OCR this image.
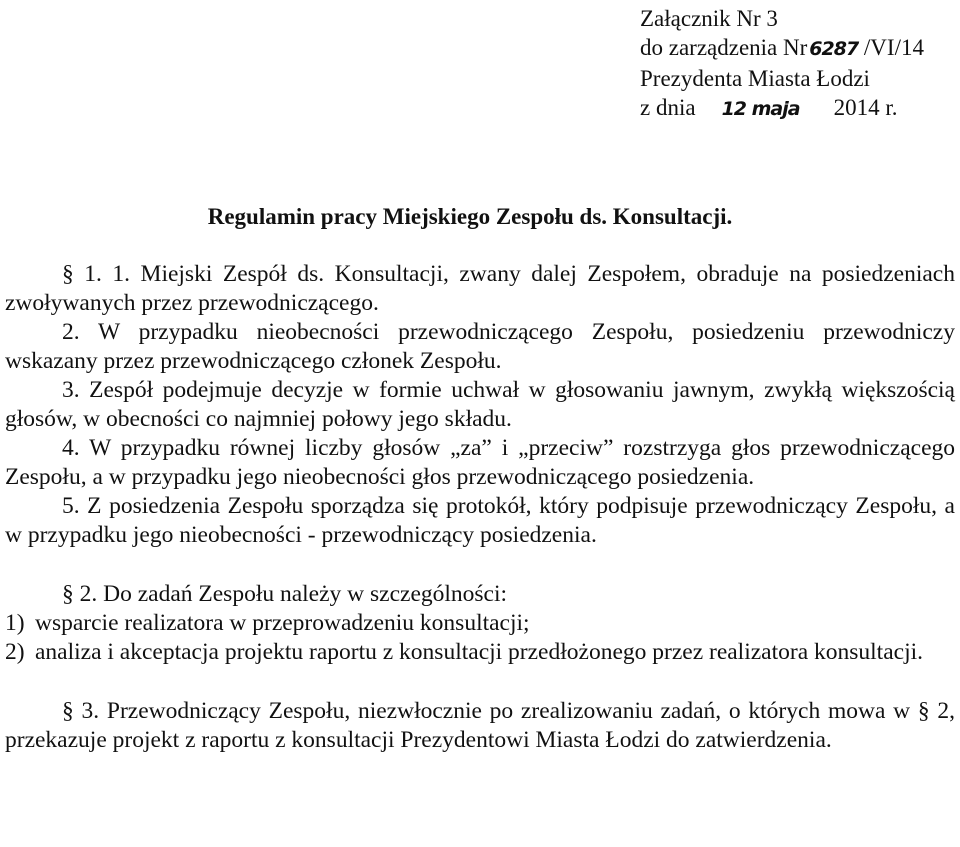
Załącznik Nr 3
do zarządzenia Nr 6287 /VI/14
Prezydenta Miasta Łodzi
z dnia 12 maja 2014 r.
Regulamin pracy Miejskiego Zespołu ds. Konsultacji.
§ 1. 1. Miejski Zespół ds. Konsultacji, zwany dalej Zespołem, obraduje na posiedzeniach zwoływanych przez przewodniczącego.
2. W przypadku nieobecności przewodniczącego Zespołu, posiedzeniu przewodniczy wskazany przez przewodniczącego członek Zespołu.
3. Zespół podejmuje decyzje w formie uchwał w głosowaniu jawnym, zwykłą większością głosów, w obecności co najmniej połowy jego składu.
4. W przypadku równej liczby głosów „za” i „przeciw” rozstrzyga głos przewodniczącego Zespołu, a w przypadku jego nieobecności głos przewodniczącego posiedzenia.
5. Z posiedzenia Zespołu sporządza się protokół, który podpisuje przewodniczący Zespołu, a w przypadku jego nieobecności - przewodniczący posiedzenia.
§ 2. Do zadań Zespołu należy w szczególności:
1) wsparcie realizatora w przeprowadzeniu konsultacji;
2) analiza i akceptacja projektu raportu z konsultacji przedłożonego przez realizatora konsultacji.
§ 3. Przewodniczący Zespołu, niezwłocznie po zrealizowaniu zadań, o których mowa w § 2, przekazuje projekt z raportu z konsultacji Prezydentowi Miasta Łodzi do zatwierdzenia.
